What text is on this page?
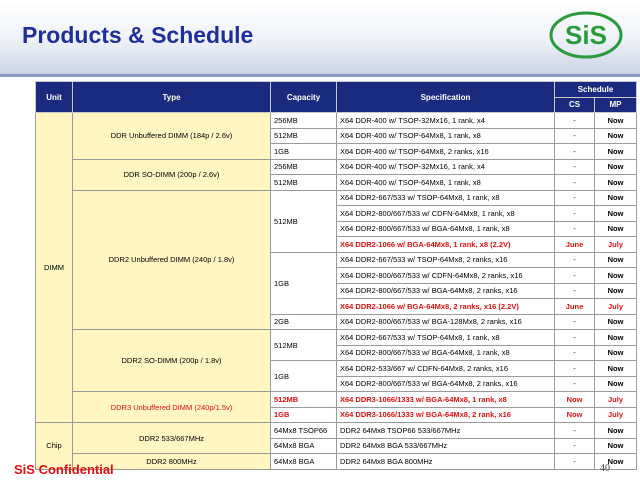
Products & Schedule	SiS
Unit	Type	Capacity	Specification	Schedule	
				CS	MP
DIMM	DDR Unbuffered DIMM (184p / 2.6v)	256MB	X64 DDR-400 w/ TSOP-32Mx16, 1 rank, x4	-	Now
		512MB	X64 DDR-400 w/ TSOP-64Mx8, 1 rank, x8	-	Now
		1GB	X64 DDR-400 w/ TSOP-64Mx8, 2 ranks, x16	-	Now
	DDR SO-DIMM (200p / 2.6v)	256MB	X64 DDR-400 w/ TSOP-32Mx16, 1 rank, x4	-	Now
		512MB	X64 DDR-400 w/ TSOP-64Mx8, 1 rank, x8	-	Now
	DDR2 Unbuffered DIMM (240p / 1.8v)	512MB	X64 DDR2-667/533 w/ TSOP-64Mx8, 1 rank, x8	-	Now
			X64 DDR2-800/667/533 w/ CDFN-64Mx8, 1 rank, x8	-	Now
			X64 DDR2-800/667/533 w/ BGA-64Mx8, 1 rank, x8	-	Now
			X64 DDR2-1066 w/ BGA-64Mx8, 1 rank, x8 (2.2V)	June	July
		1GB	X64 DDR2-667/533 w/ TSOP-64Mx8, 2 ranks, x16	-	Now
			X64 DDR2-800/667/533 w/ CDFN-64Mx8, 2 ranks, x16	-	Now
			X64 DDR2-800/667/533 w/ BGA-64Mx8, 2 ranks, x16	-	Now
			X64 DDR2-1066 w/ BGA-64Mx8, 2 ranks, x16 (2.2V)	June	July
		2GB	X64 DDR2-800/667/533 w/ BGA-128Mx8, 2 ranks, x16	-	Now
	DDR2 SO-DIMM (200p / 1.8v)	512MB	X64 DDR2-667/533 w/ TSOP-64Mx8, 1 rank, x8	-	Now
			X64 DDR2-800/667/533 w/ BGA-64Mx8, 1 rank, x8	-	Now
		1GB	X64 DDR2-533/667 w/ CDFN-64Mx8, 2 ranks, x16	-	Now
			X64 DDR2-800/667/533 w/ BGA-64Mx8, 2 ranks, x16	-	Now
	DDR3 Unbuffered DIMM (240p/1.5v)	512MB	X64 DDR3-1066/1333 w/ BGA-64Mx8, 1 rank, x8	Now	July
		1GB	X64 DDR3-1066/1333 w/ BGA-64Mx8, 2 rank, x16	Now	July
Chip	DDR2 533/667MHz	64Mx8 TSOP66	DDR2 64Mx8 TSOP66 533/667MHz	-	Now
		64Mx8 BGA	DDR2 64Mx8 BGA 533/667MHz	-	Now
	DDR2 800MHz	64Mx8 BGA	DDR2 64Mx8 BGA 800MHz	-	Now
SiS Confidential	40
